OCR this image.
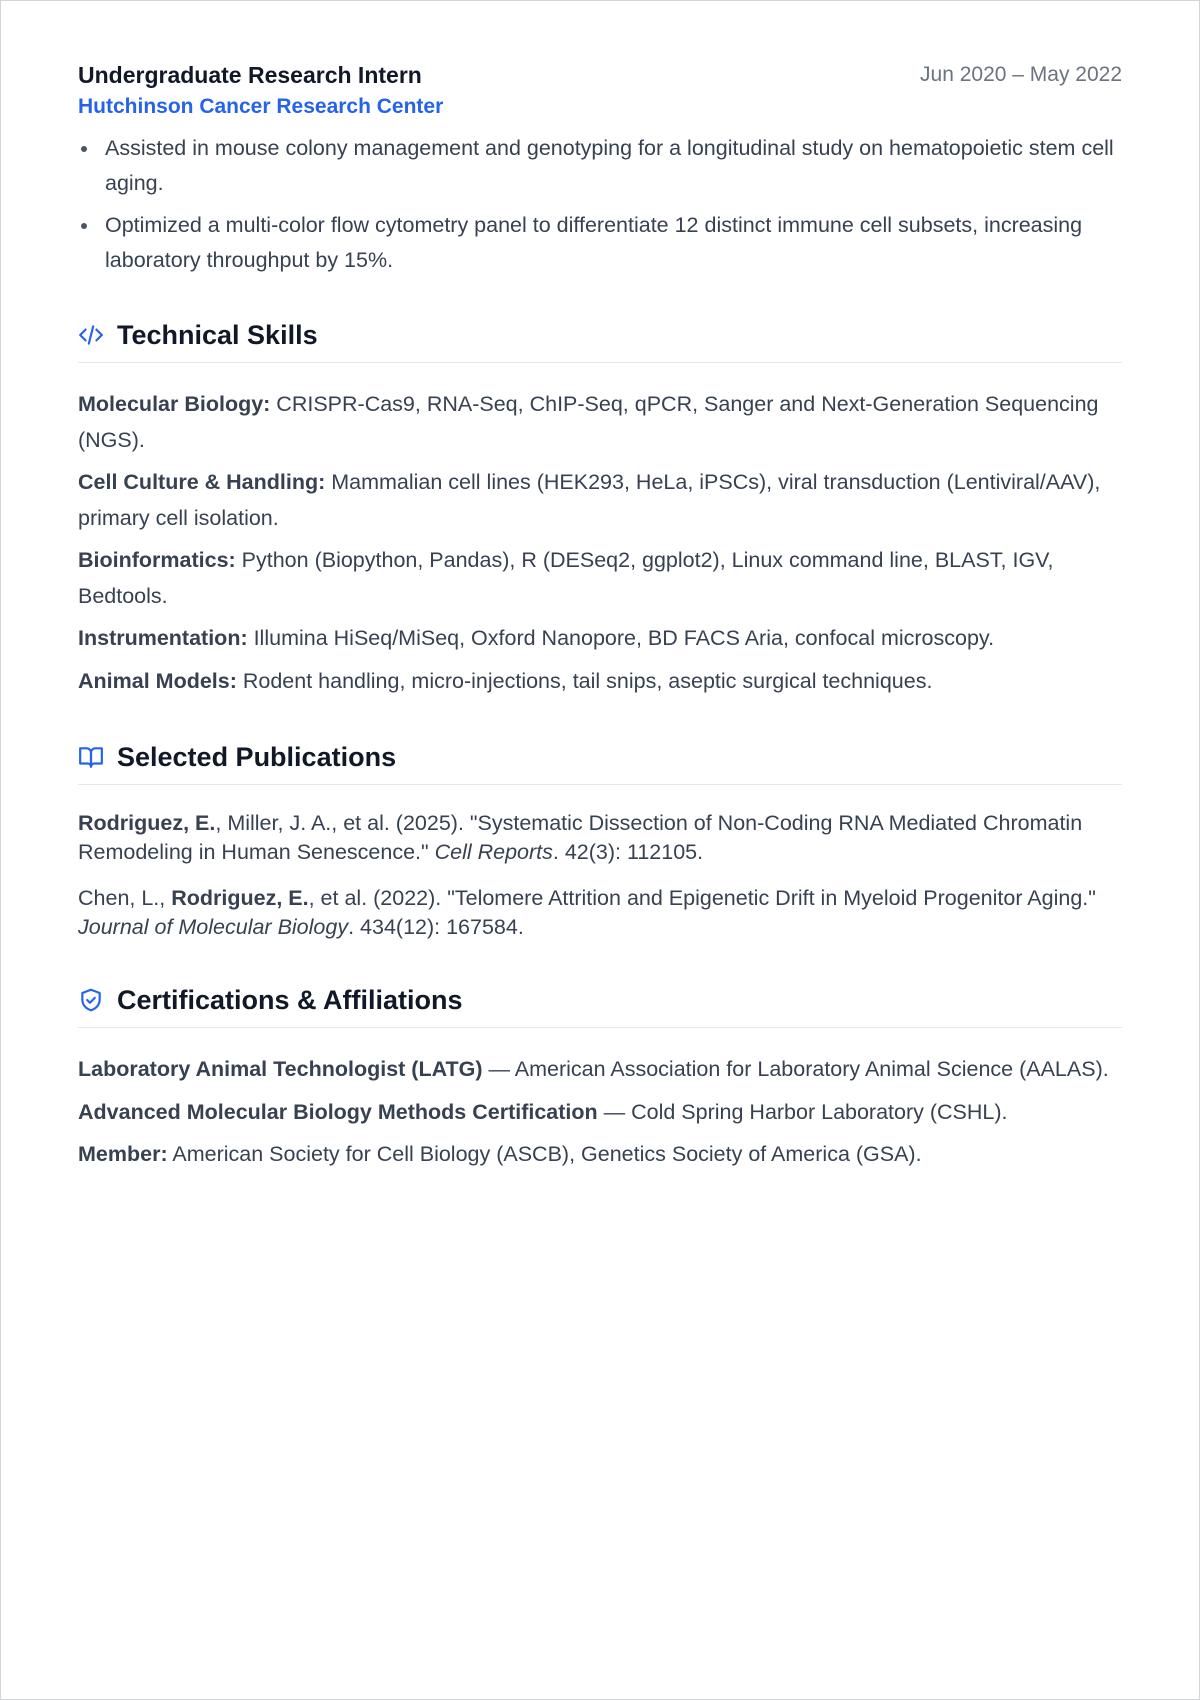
Undergraduate Research Intern	Jun 2020 – May 2022
Hutchinson Cancer Research Center
Assisted in mouse colony management and genotyping for a longitudinal study on hematopoietic stem cell aging.
Optimized a multi-color flow cytometry panel to differentiate 12 distinct immune cell subsets, increasing laboratory throughput by 15%.
Technical Skills
Molecular Biology: CRISPR-Cas9, RNA-Seq, ChIP-Seq, qPCR, Sanger and Next-Generation Sequencing (NGS).
Cell Culture & Handling: Mammalian cell lines (HEK293, HeLa, iPSCs), viral transduction (Lentiviral/AAV), primary cell isolation.
Bioinformatics: Python (Biopython, Pandas), R (DESeq2, ggplot2), Linux command line, BLAST, IGV, Bedtools.
Instrumentation: Illumina HiSeq/MiSeq, Oxford Nanopore, BD FACS Aria, confocal microscopy.
Animal Models: Rodent handling, micro-injections, tail snips, aseptic surgical techniques.
Selected Publications
Rodriguez, E., Miller, J. A., et al. (2025). "Systematic Dissection of Non-Coding RNA Mediated Chromatin Remodeling in Human Senescence." Cell Reports. 42(3): 112105.
Chen, L., Rodriguez, E., et al. (2022). "Telomere Attrition and Epigenetic Drift in Myeloid Progenitor Aging." Journal of Molecular Biology. 434(12): 167584.
Certifications & Affiliations
Laboratory Animal Technologist (LATG) — American Association for Laboratory Animal Science (AALAS).
Advanced Molecular Biology Methods Certification — Cold Spring Harbor Laboratory (CSHL).
Member: American Society for Cell Biology (ASCB), Genetics Society of America (GSA).
